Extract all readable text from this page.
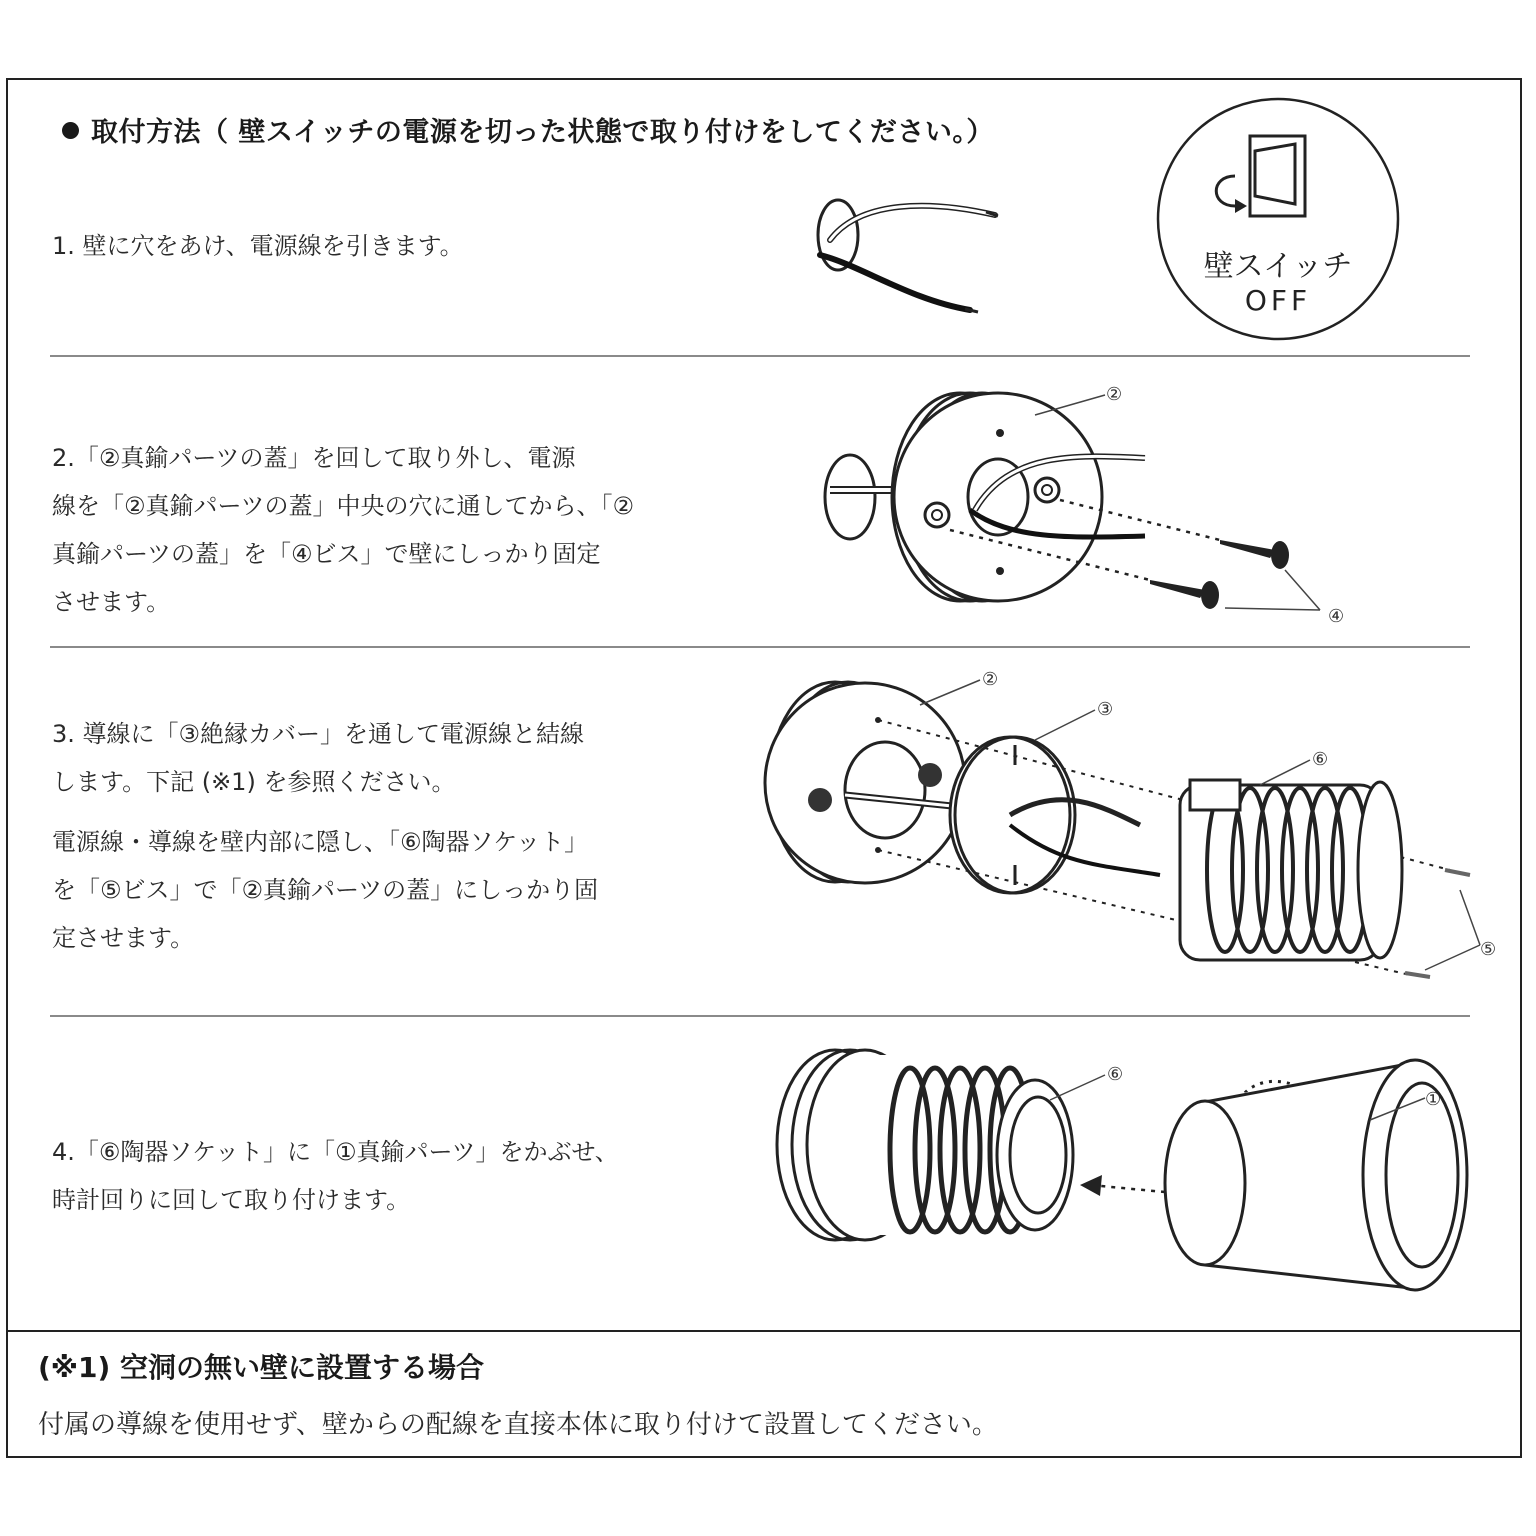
取付方法（ 壁スイッチの電源を切った状態で取り付けをしてください。）
1. 壁に穴をあけ、電源線を引きます。
2.「②真鍮パーツの蓋」を回して取り外し、電源
線を「②真鍮パーツの蓋」中央の穴に通してから、「②
真鍮パーツの蓋」を「④ビス」で壁にしっかり固定
させます。
3. 導線に「③絶縁カバー」を通して電源線と結線
します。下記 (※1) を参照ください。
電源線・導線を壁内部に隠し、「⑥陶器ソケット」
を「⑤ビス」で「②真鍮パーツの蓋」にしっかり固
定させます。
4.「⑥陶器ソケット」に「①真鍮パーツ」をかぶせ、
時計回りに回して取り付けます。
壁スイッチ
OFF
②
④
②
③
⑥
⑤
⑥
①
(※1) 空洞の無い壁に設置する場合
付属の導線を使用せず、壁からの配線を直接本体に取り付けて設置してください。
